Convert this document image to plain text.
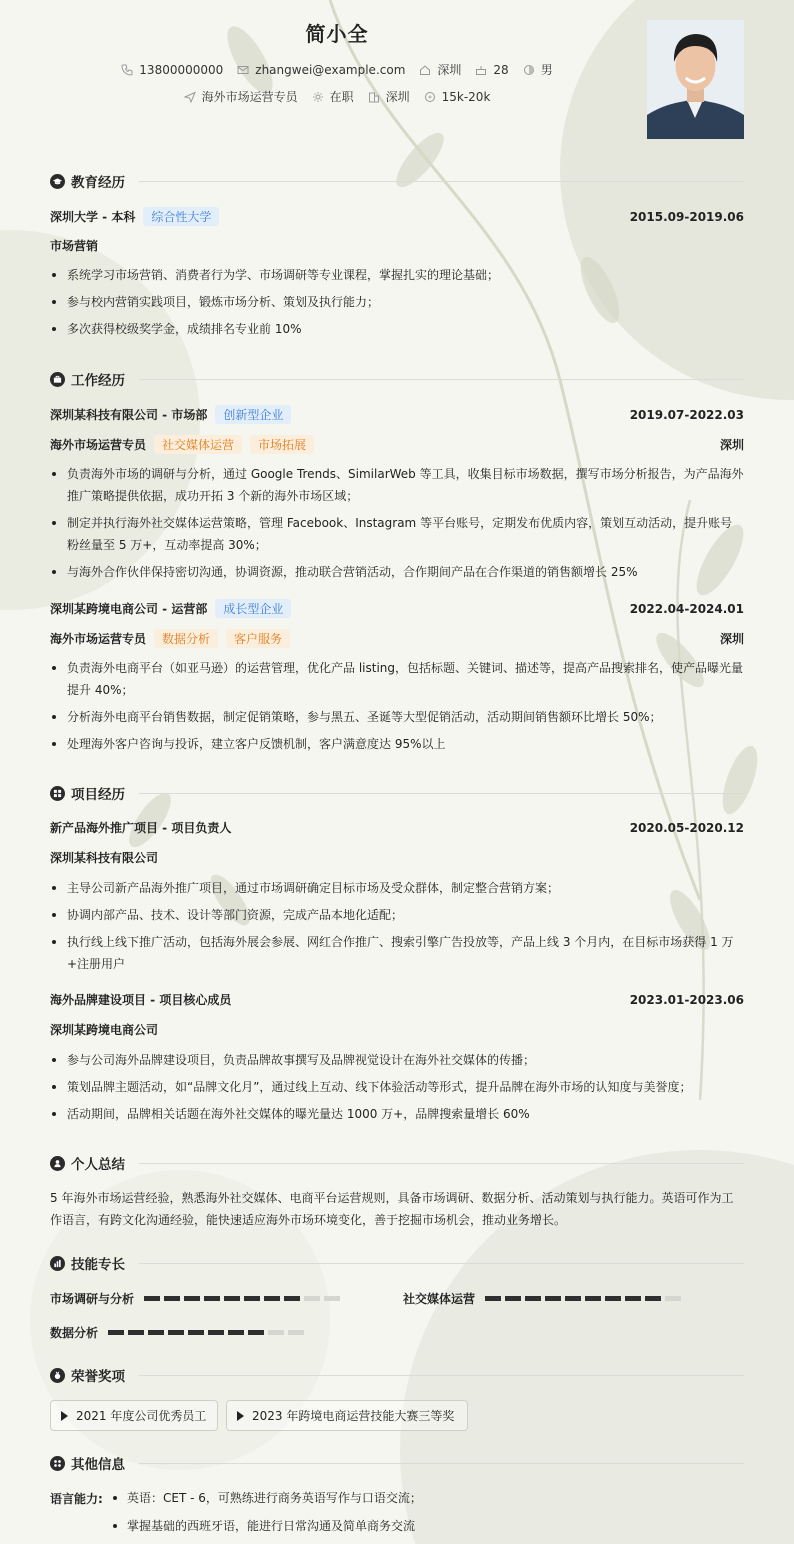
简小全
13800000000	zhangwei@example.com	深圳	28	男
海外市场运营专员	在职	深圳	15k-20k
教育经历
深圳大学 - 本科	综合性大学	2015.09-2019.06
市场营销
系统学习市场营销、消费者行为学、市场调研等专业课程，掌握扎实的理论基础；
参与校内营销实践项目，锻炼市场分析、策划及执行能力；
多次获得校级奖学金，成绩排名专业前 10%
工作经历
深圳某科技有限公司 - 市场部	创新型企业	2019.07-2022.03
海外市场运营专员	社交媒体运营	市场拓展	深圳
负责海外市场的调研与分析，通过 Google Trends、SimilarWeb 等工具，收集目标市场数据，撰写市场分析报告，为产品海外推广策略提供依据，成功开拓 3 个新的海外市场区域；
制定并执行海外社交媒体运营策略，管理 Facebook、Instagram 等平台账号，定期发布优质内容，策划互动活动，提升账号粉丝量至 5 万+，互动率提高 30%；
与海外合作伙伴保持密切沟通，协调资源，推动联合营销活动，合作期间产品在合作渠道的销售额增长 25%
深圳某跨境电商公司 - 运营部	成长型企业	2022.04-2024.01
海外市场运营专员	数据分析	客户服务	深圳
负责海外电商平台（如亚马逊）的运营管理，优化产品 listing，包括标题、关键词、描述等，提高产品搜索排名，使产品曝光量提升 40%；
分析海外电商平台销售数据，制定促销策略，参与黑五、圣诞等大型促销活动，活动期间销售额环比增长 50%；
处理海外客户咨询与投诉，建立客户反馈机制，客户满意度达 95%以上
项目经历
新产品海外推广项目 - 项目负责人	2020.05-2020.12
深圳某科技有限公司
主导公司新产品海外推广项目，通过市场调研确定目标市场及受众群体，制定整合营销方案；
协调内部产品、技术、设计等部门资源，完成产品本地化适配；
执行线上线下推广活动，包括海外展会参展、网红合作推广、搜索引擎广告投放等，产品上线 3 个月内，在目标市场获得 1 万+注册用户
海外品牌建设项目 - 项目核心成员	2023.01-2023.06
深圳某跨境电商公司
参与公司海外品牌建设项目，负责品牌故事撰写及品牌视觉设计在海外社交媒体的传播；
策划品牌主题活动，如“品牌文化月”，通过线上互动、线下体验活动等形式，提升品牌在海外市场的认知度与美誉度；
活动期间，品牌相关话题在海外社交媒体的曝光量达 1000 万+，品牌搜索量增长 60%
个人总结
5 年海外市场运营经验，熟悉海外社交媒体、电商平台运营规则，具备市场调研、数据分析、活动策划与执行能力。英语可作为工作语言，有跨文化沟通经验，能快速适应海外市场环境变化，善于挖掘市场机会，推动业务增长。
技能专长
市场调研与分析	社交媒体运营
数据分析
荣誉奖项
2021 年度公司优秀员工	2023 年跨境电商运营技能大赛三等奖
其他信息
语言能力:	英语：CET - 6，可熟练进行商务英语写作与口语交流；
掌握基础的西班牙语，能进行日常沟通及简单商务交流
